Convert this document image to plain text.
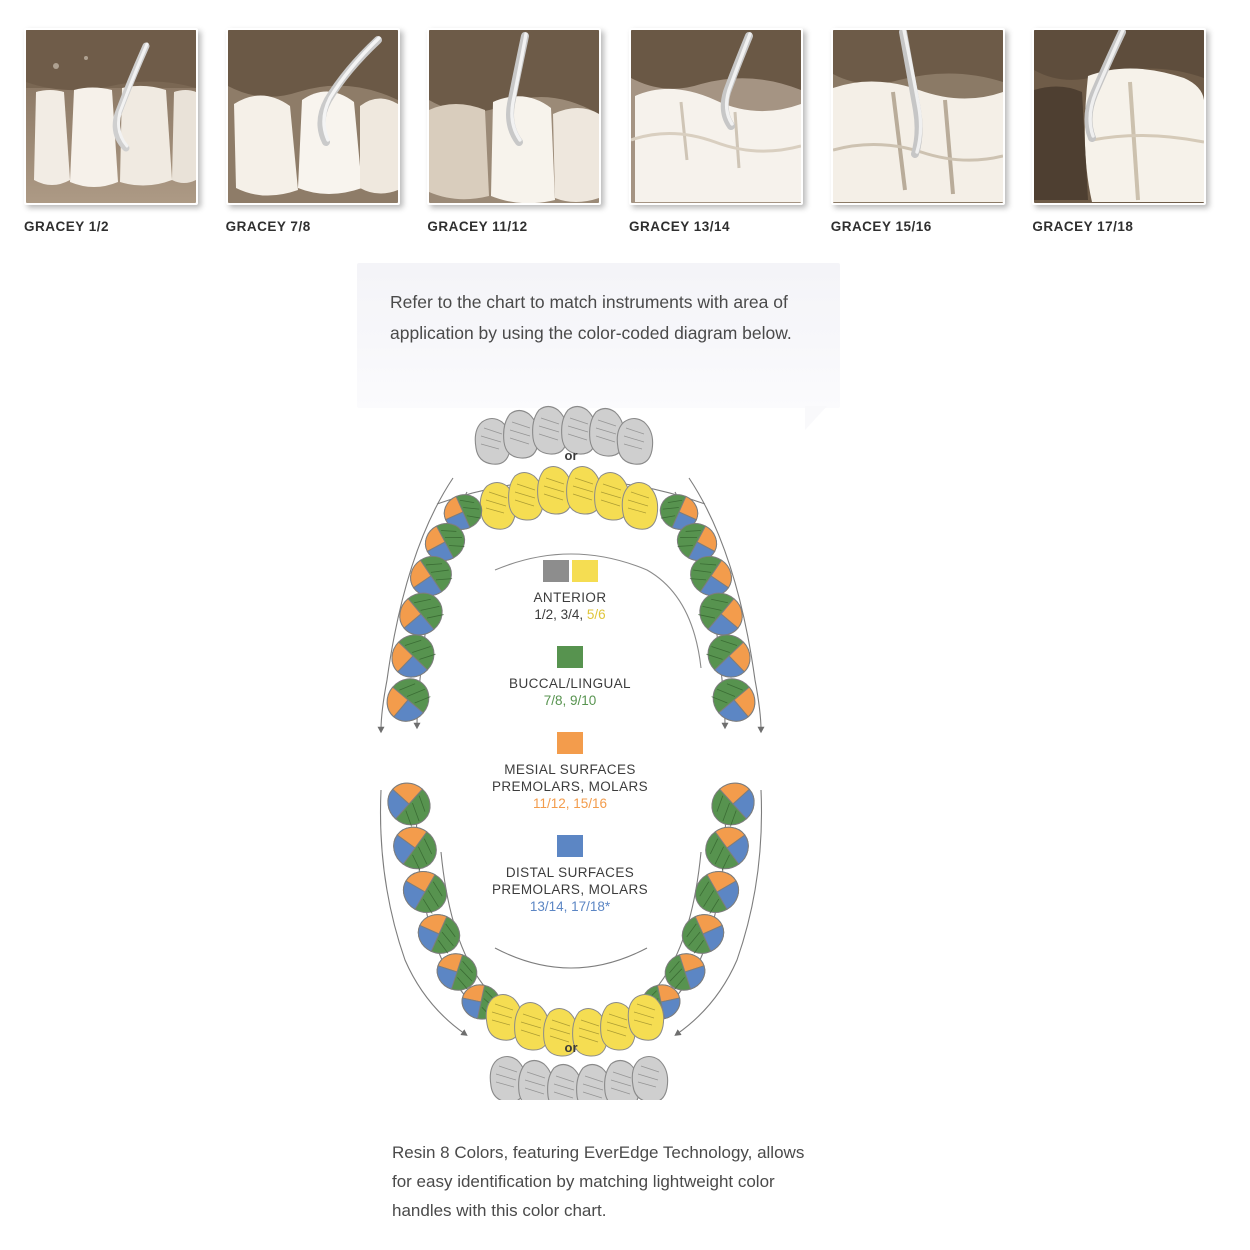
GRACEY 1/2	GRACEY 7/8	GRACEY 11/12	GRACEY 13/14	GRACEY 15/16	GRACEY 17/18

Refer to the chart to match instruments with area of application by using the color-coded diagram below.

or
or
ANTERIOR
1/2, 3/4, 5/6
BUCCAL/LINGUAL
7/8, 9/10
MESIAL SURFACES
PREMOLARS, MOLARS
11/12, 15/16
DISTAL SURFACES
PREMOLARS, MOLARS
13/14, 17/18*
Resin 8 Colors, featuring EverEdge Technology, allows for easy identification by matching lightweight color handles with this color chart.
